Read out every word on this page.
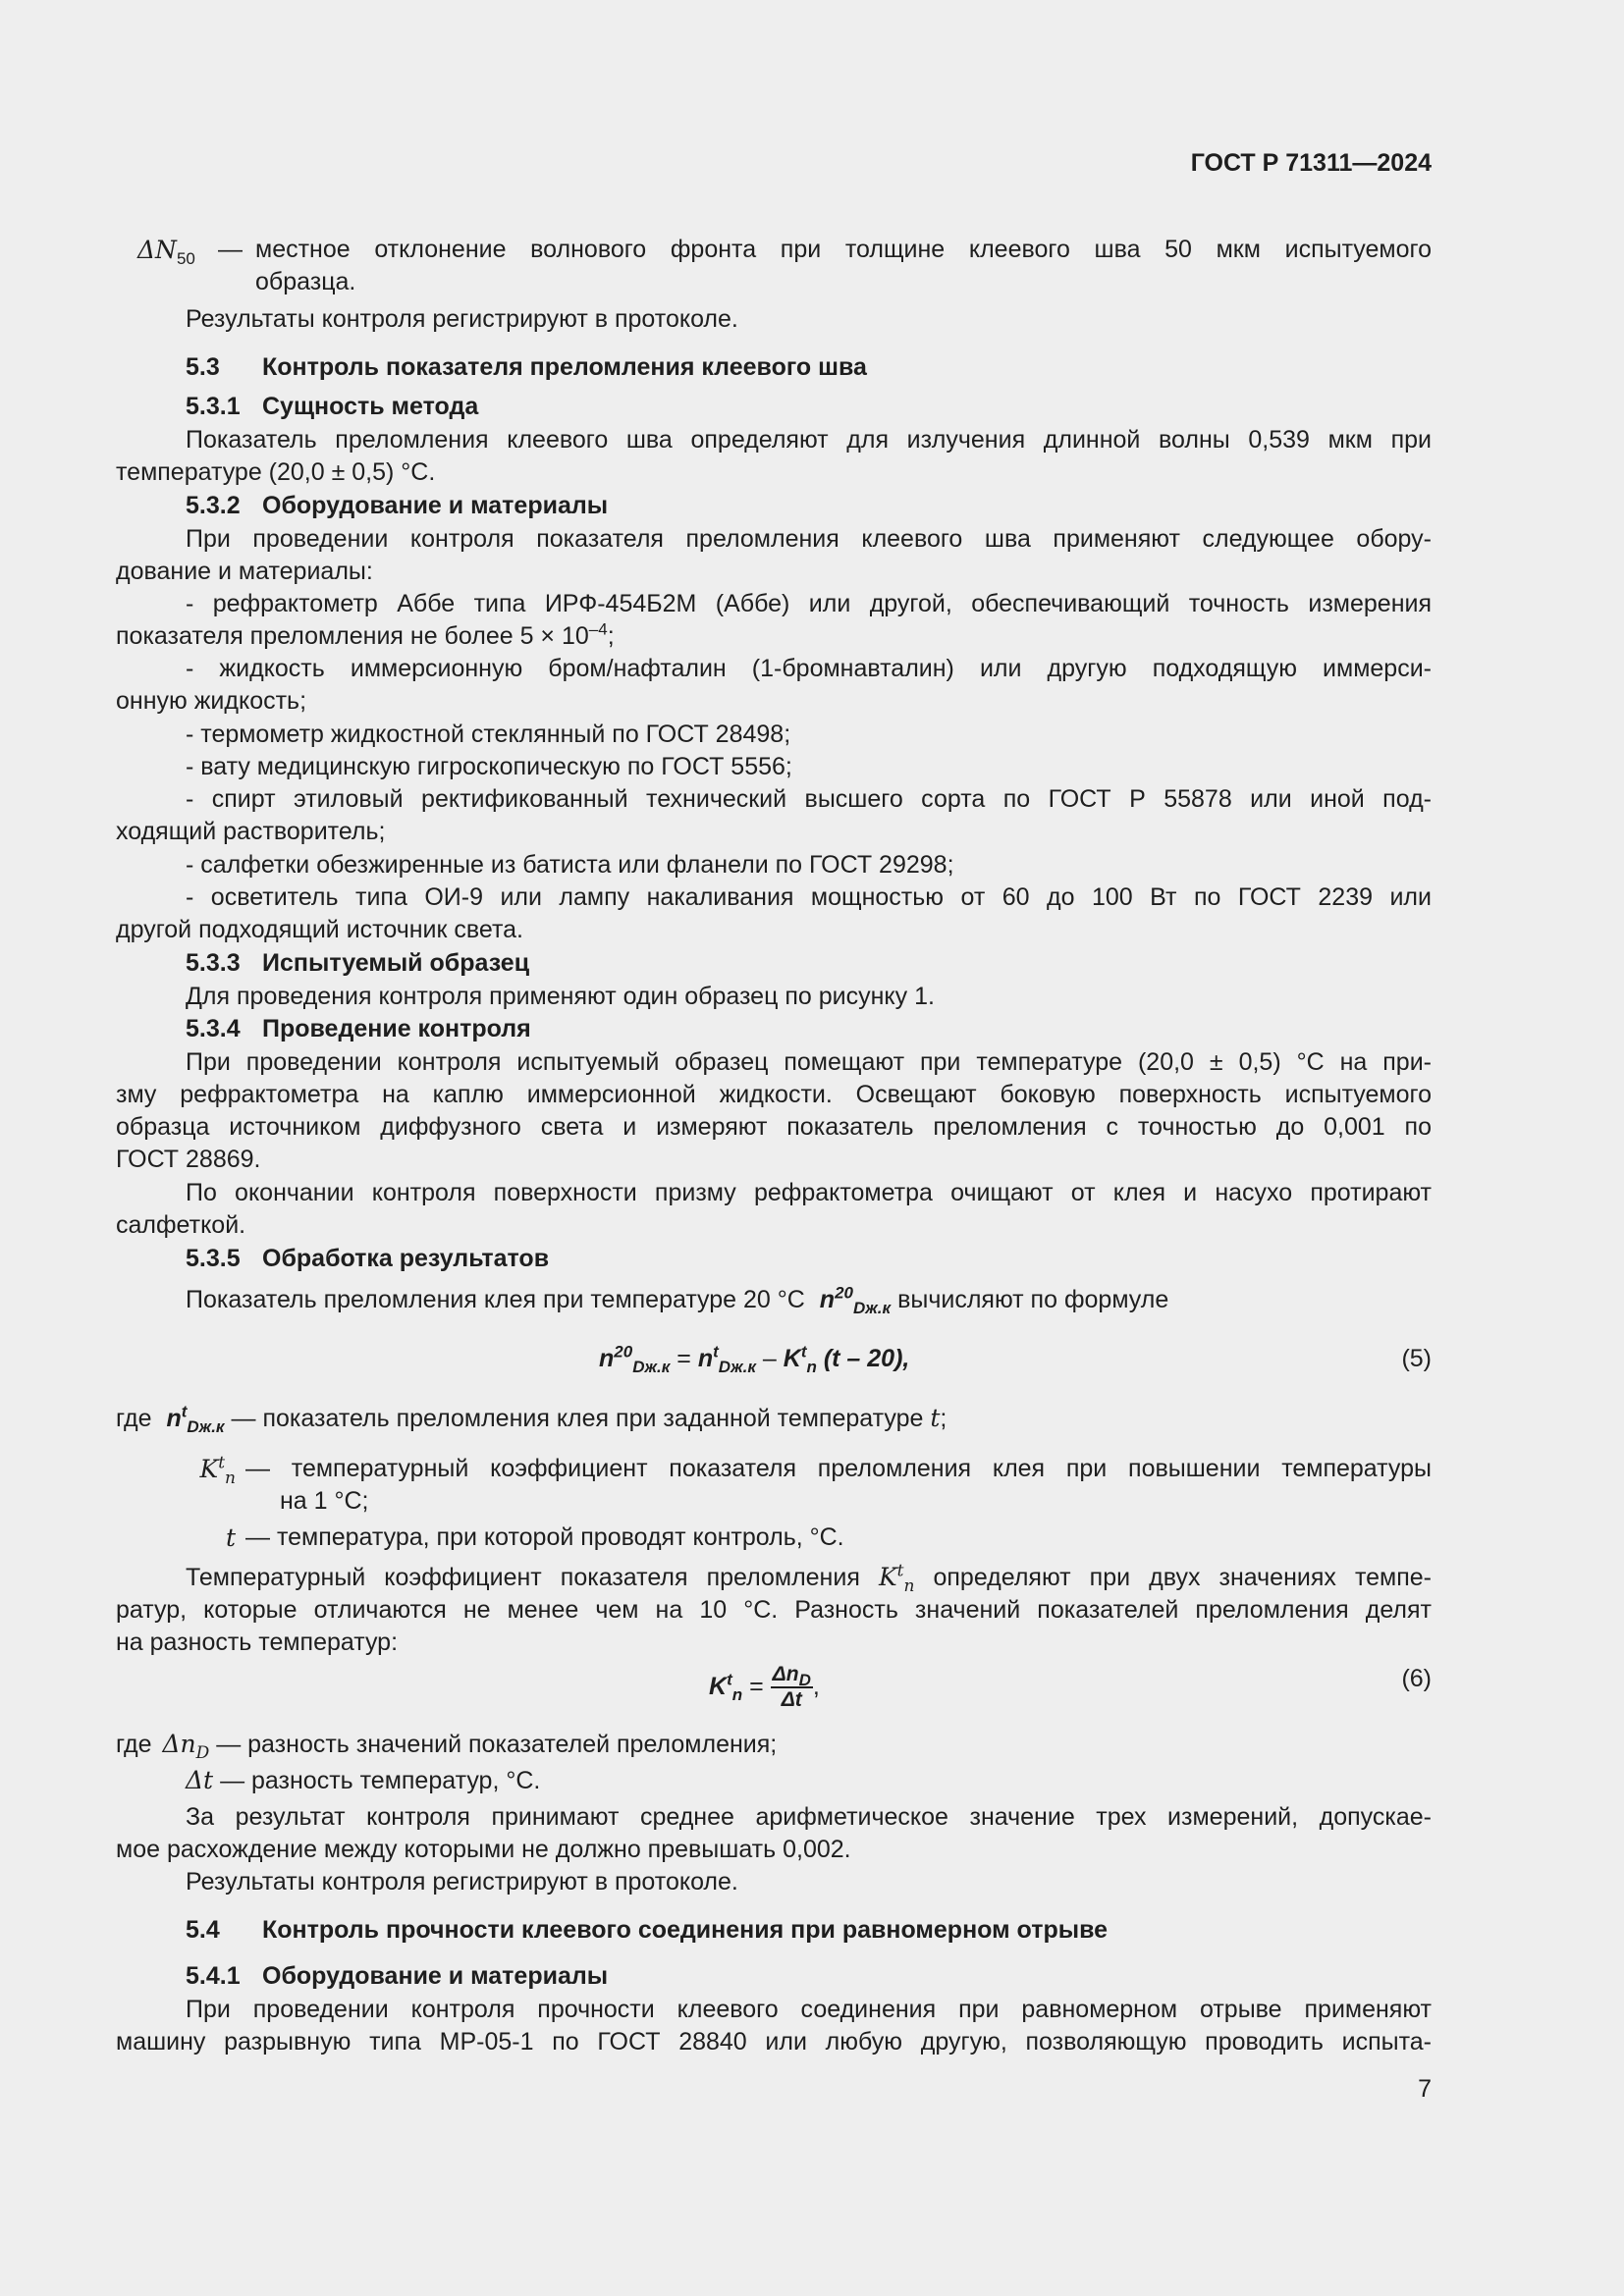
ГОСТ Р 71311—2024
$\Delta N_{50}$ — местное отклонение волнового фронта при толщине клеевого шва 50 мкм испытуемого
образца.
Результаты контроля регистрируют в протоколе.
5.3 Контроль показателя преломления клеевого шва
5.3.1 Сущность метода
Показатель преломления клеевого шва определяют для излучения длинной волны 0,539 мкм при
температуре (20,0 ± 0,5) °С.
5.3.2 Оборудование и материалы
При проведении контроля показателя преломления клеевого шва применяют следующее обору-
дование и материалы:
- рефрактометр Аббе типа ИРФ-454Б2М (Аббе) или другой, обеспечивающий точность измерения
показателя преломления не более $5 \times 10^{-4}$;
- жидкость иммерсионную бром/нафталин (1-бромнавталин) или другую подходящую иммерси-
онную жидкость;
- термометр жидкостной стеклянный по ГОСТ 28498;
- вату медицинскую гигроскопическую по ГОСТ 5556;
- спирт этиловый ректификованный технический высшего сорта по ГОСТ Р 55878 или иной под-
ходящий растворитель;
- салфетки обезжиренные из батиста или фланели по ГОСТ 29298;
- осветитель типа ОИ-9 или лампу накаливания мощностью от 60 до 100 Вт по ГОСТ 2239 или
другой подходящий источник света.
5.3.3 Испытуемый образец
Для проведения контроля применяют один образец по рисунку 1.
5.3.4 Проведение контроля
При проведении контроля испытуемый образец помещают при температуре (20,0 ± 0,5) °С на при-
зму рефрактометра на каплю иммерсионной жидкости. Освещают боковую поверхность испытуемого
образца источником диффузного света и измеряют показатель преломления с точностью до 0,001 по
ГОСТ 28869.
По окончании контроля поверхности призму рефрактометра очищают от клея и насухо протирают
салфеткой.
5.3.5 Обработка результатов
Показатель преломления клея при температуре 20 °С $n^{20}_{Dж.к}$ вычисляют по формуле
$n^{20}_{Dж.к} = n^t_{Dж.к} - K^t_n$ (t – 20),	(5)
где $n^t_{Dж.к}$ — показатель преломления клея при заданной температуре t;
$K^t_n$ — температурный коэффициент показателя преломления клея при повышении температуры
на 1 °С;
t — температура, при которой проводят контроль, °С.
Температурный коэффициент показателя преломления $K^t_n$ определяют при двух значениях темпе-
ратур, которые отличаются не менее чем на 10 °С. Разность значений показателей преломления делят
на разность температур:
$K^t_n = \frac{\Delta n_D}{\Delta t}$ ,	(6)
где $\Delta n_D$ — разность значений показателей преломления;
Δt — разность температур, °С.
За результат контроля принимают среднее арифметическое значение трех измерений, допускае-
мое расхождение между которыми не должно превышать 0,002.
Результаты контроля регистрируют в протоколе.
5.4 Контроль прочности клеевого соединения при равномерном отрыве
5.4.1 Оборудование и материалы
При проведении контроля прочности клеевого соединения при равномерном отрыве применяют
машину разрывную типа МР-05-1 по ГОСТ 28840 или любую другую, позволяющую проводить испыта-
7
